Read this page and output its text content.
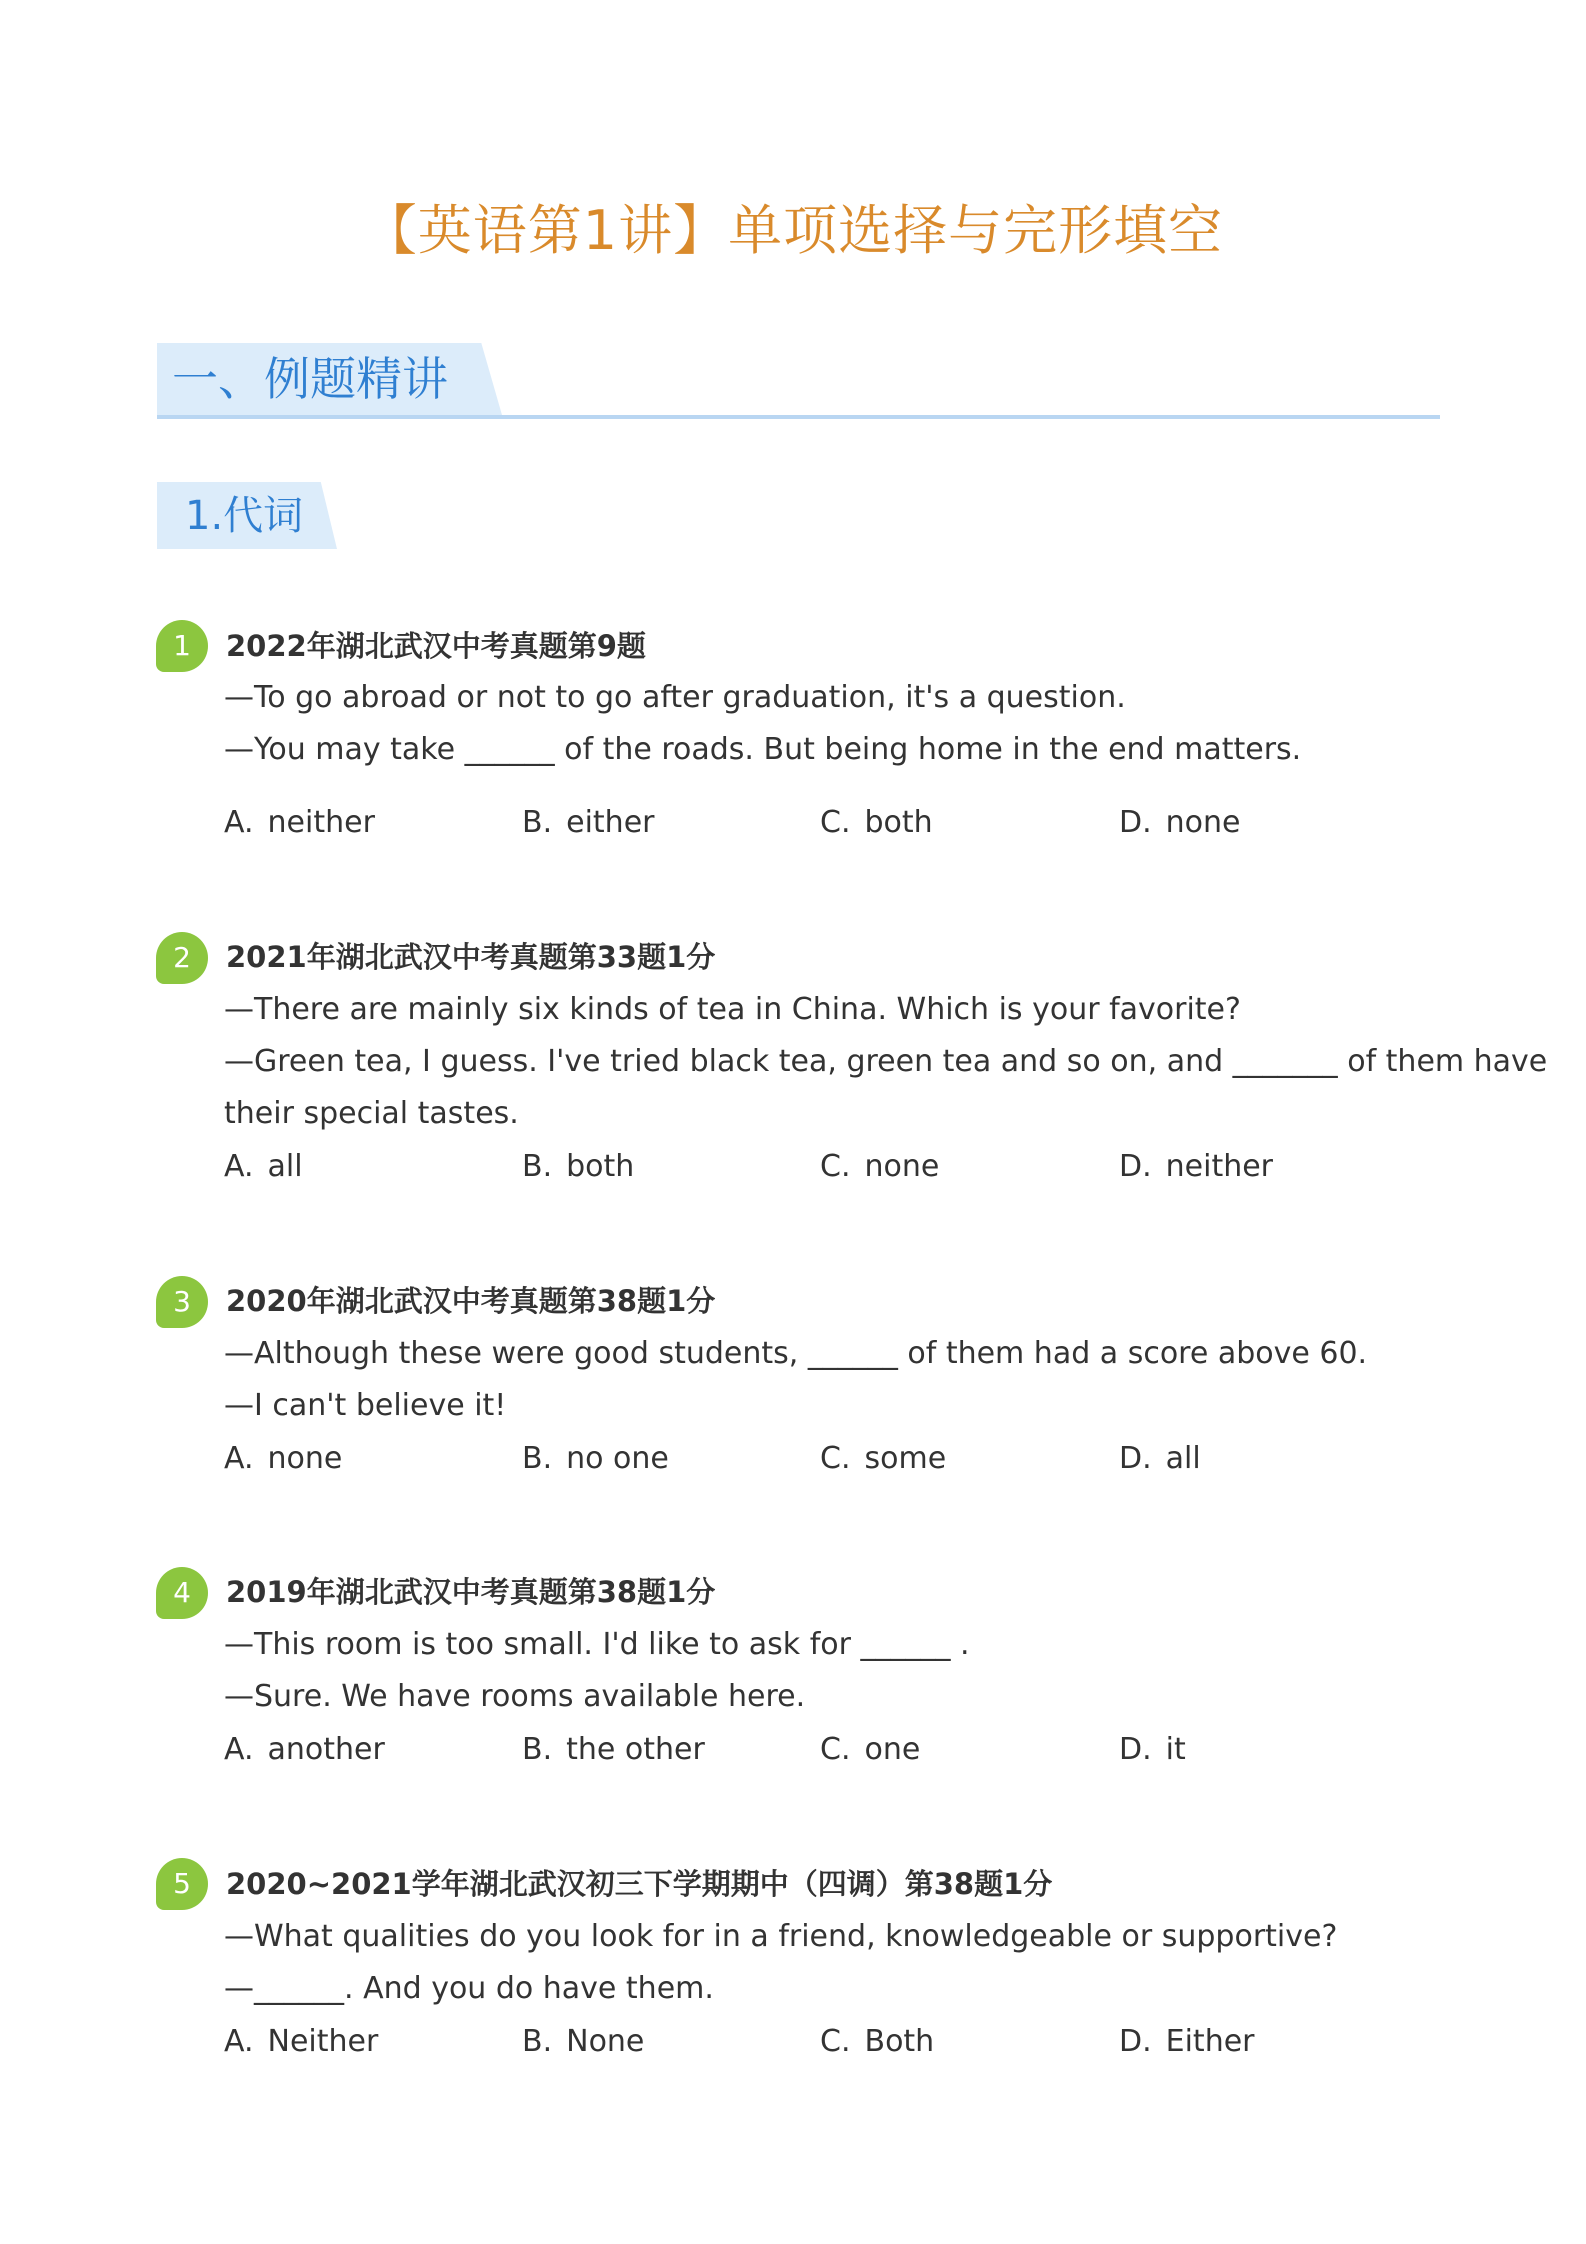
【英语第1讲】单项选择与完形填空
一、例题精讲
1.代词
1	2022年湖北武汉中考真题第9题
—To go abroad or not to go after graduation, it's a question.
—You may take ______ of the roads. But being home in the end matters.
A. neither	B. either	C. both	D. none
2	2021年湖北武汉中考真题第33题1分
—There are mainly six kinds of tea in China. Which is your favorite?
—Green tea, I guess. I've tried black tea, green tea and so on, and _______ of them have
their special tastes.
A. all	B. both	C. none	D. neither
3	2020年湖北武汉中考真题第38题1分
—Although these were good students, ______ of them had a score above 60.
—I can't believe it!
A. none	B. no one	C. some	D. all
4	2019年湖北武汉中考真题第38题1分
—This room is too small. I'd like to ask for ______ .
—Sure. We have rooms available here.
A. another	B. the other	C. one	D. it
5	2020~2021学年湖北武汉初三下学期期中（四调）第38题1分
—What qualities do you look for in a friend, knowledgeable or supportive?
—______. And you do have them.
A. Neither	B. None	C. Both	D. Either
